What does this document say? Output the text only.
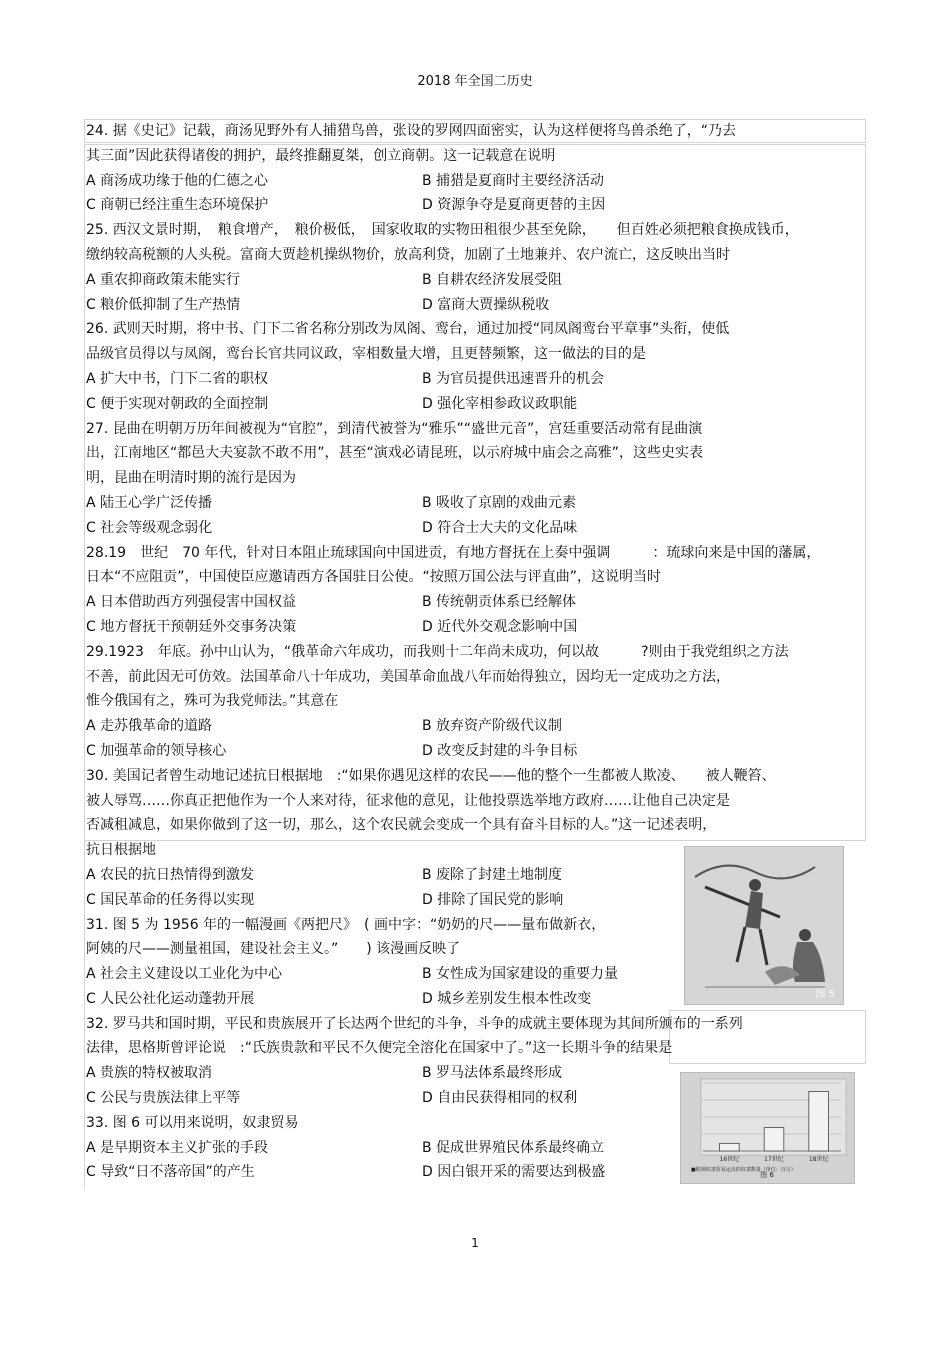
2018 年全国二历史
24. 据《史记》记载，商汤见野外有人捕猎鸟兽，张设的罗网四面密实，认为这样便将鸟兽杀绝了，“乃去
其三面”因此获得诸俊的拥护，最终推翻夏桀，创立商朝。这一记载意在说明
A 商汤成功缘于他的仁德之心	B 捕猎是夏商时主要经济活动
C 商朝已经注重生态环境保护	D 资源争夺是夏商更替的主因
25. 西汉文景时期，　粮食增产，　粮价极低，　国家收取的实物田租很少甚至免除，　　但百姓必须把粮食换成钱币，
缴纳较高税额的人头税。富商大贾趁机操纵物价，放高利贷，加剧了土地兼并、农户流亡，这反映出当时
A 重农抑商政策未能实行	B 自耕农经济发展受阻
C 粮价低抑制了生产热情	D 富商大贾操纵税收
26. 武则天时期，将中书、门下二省名称分别改为凤阁、鸾台，通过加授“同凤阁鸾台平章事”头衔，使低
品级官员得以与凤阁，鸾台长官共同议政，宰相数量大增，且更替频繁，这一做法的目的是
A 扩大中书，门下二省的职权	B 为官员提供迅速晋升的机会
C 便于实现对朝政的全面控制	D 强化宰相参政议政职能
27. 昆曲在明朝万历年间被视为“官腔”，到清代被誉为“雅乐”“盛世元音”，宫廷重要活动常有昆曲演
出，江南地区“都邑大夫宴款不敢不用”，甚至“演戏必请昆班，以示府城中庙会之高雅”，这些史实表
明，昆曲在明清时期的流行是因为
A 陆王心学广泛传播	B 吸收了京剧的戏曲元素
C 社会等级观念弱化	D 符合士大夫的文化品味
28.19　世纪　70 年代，针对日本阻止琉球国向中国进贡，有地方督抚在上奏中强调　　　：琉球向来是中国的藩属，
日本“不应阻贡”，中国使臣应邀请西方各国驻日公使。“按照万国公法与评直曲”，这说明当时
A 日本借助西方列强侵害中国权益	B 传统朝贡体系已经解体
C 地方督抚干预朝廷外交事务决策	D 近代外交观念影响中国
29.1923　年底。孙中山认为，“俄革命六年成功，而我则十二年尚未成功，何以故　　　?则由于我党组织之方法
不善，前此因无可仿效。法国革命八十年成功，美国革命血战八年而始得独立，因均无一定成功之方法，
惟今俄国有之，殊可为我党师法。”其意在
A 走苏俄革命的道路	B 放弃资产阶级代议制
C 加强革命的领导核心	D 改变反封建的斗争目标
30. 美国记者曾生动地记述抗日根据地　:“如果你遇见这样的农民——他的整个一生都被人欺凌、　　被人鞭笞、
被人辱骂……你真正把他作为一个人来对待，征求他的意见，让他投票选举地方政府……让他自己决定是
否减租减息，如果你做到了这一切，那么，这个农民就会变成一个具有奋斗目标的人。”这一记述表明，
抗日根据地
A 农民的抗日热情得到激发	B 废除了封建土地制度
C 国民革命的任务得以实现	D 排除了国民党的影响
31. 图 5 为 1956 年的一幅漫画《两把尺》　( 画中字：“奶奶的尺——量布做新衣，
阿姨的尺——测量祖国，建设社会主义。”　　) 该漫画反映了
A 社会主义建设以工业化为中心	B 女性成为国家建设的重要力量
C 人民公社化运动蓬勃开展	D 城乡差别发生根本性改变
32. 罗马共和国时期，平民和贵族展开了长达两个世纪的斗争，斗争的成就主要体现为其间所颁布的一系列
法律，思格斯曾评论说　:“氏族贵款和平民不久便完全溶化在国家中了。”这一长期斗争的结果是
A 贵族的特权被取消	B 罗马法体系最终形成
C 公民与贵族法律上平等	D 自由民获得相同的权利
33. 图 6 可以用来说明，奴隶贸易
A 是早期资本主义扩张的手段	B 促成世界殖民体系最终确立
C 导致“日不落帝国”的产生	D 因白银开采的需要达到极盛
图 5
16世纪	17世纪	18世纪
■欧洲奴隶贸易运出的奴隶数量（单位：百万）
图 6
1
